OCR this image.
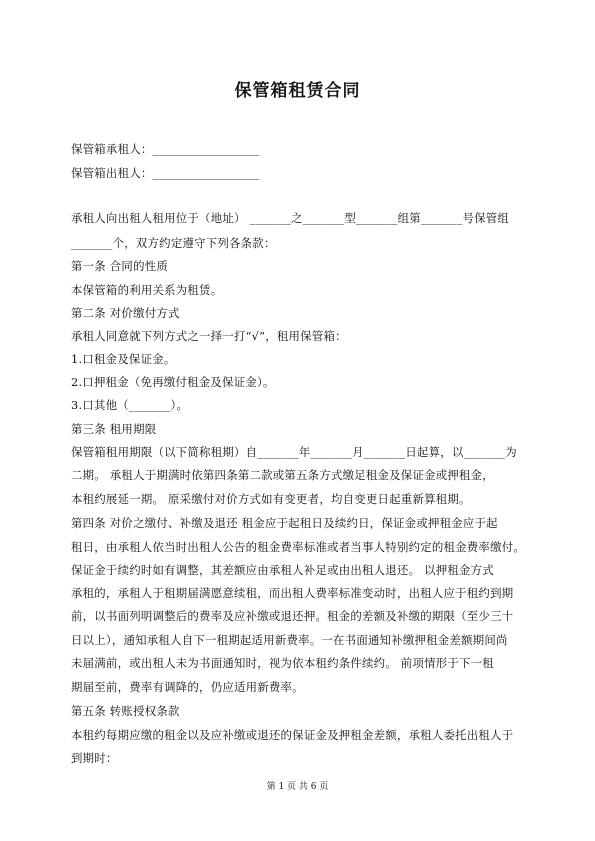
保管箱租赁合同
保管箱承租人：__________________
保管箱出租人：__________________
承租人向出租人租用位于（地址） _______之_______型_______组第_______号保管组
_______个，双方约定遵守下列各条款：
第一条 合同的性质
本保管箱的利用关系为租赁。
第二条 对价缴付方式
承租人同意就下列方式之一择一打“√”，租用保管箱：
1.口租金及保证金。
2.口押租金（免再缴付租金及保证金）。
3.口其他（_______）。
第三条 租用期限
保管箱租用期限（以下简称租期）自_______年_______月_______日起算，以_______为
二期。 承租人于期满时依第四条第二款或第五条方式缴足租金及保证金或押租金，
本租约展延一期。 原采缴付对价方式如有变更者，均自变更日起重新算租期。
第四条 对价之缴付、补缴及退还 租金应于起租日及续约日，保证金或押租金应于起
租日，由承租人依当时出租人公告的租金费率标准或者当事人特别约定的租金费率缴付。
保证金于续约时如有调整，其差额应由承租人补足或由出租人退还。 以押租金方式
承租的，承租人于租期届满愿意续租，而出租人费率标准变动时，出租人应于租约到期
前，以书面列明调整后的费率及应补缴或退还押。租金的差额及补缴的期限（至少三十
日以上），通知承租人自下一租期起适用新费率。一在书面通知补缴押租金差额期间尚
未届满前，或出租人未为书面通知时，视为依本租约条件续约。 前项情形于下一租
期届至前，费率有调降的，仍应适用新费率。
第五条 转账授权条款
本租约每期应缴的租金以及应补缴或退还的保证金及押租金差额，承租人委托出租人于
到期时：
第 1 页 共 6 页
